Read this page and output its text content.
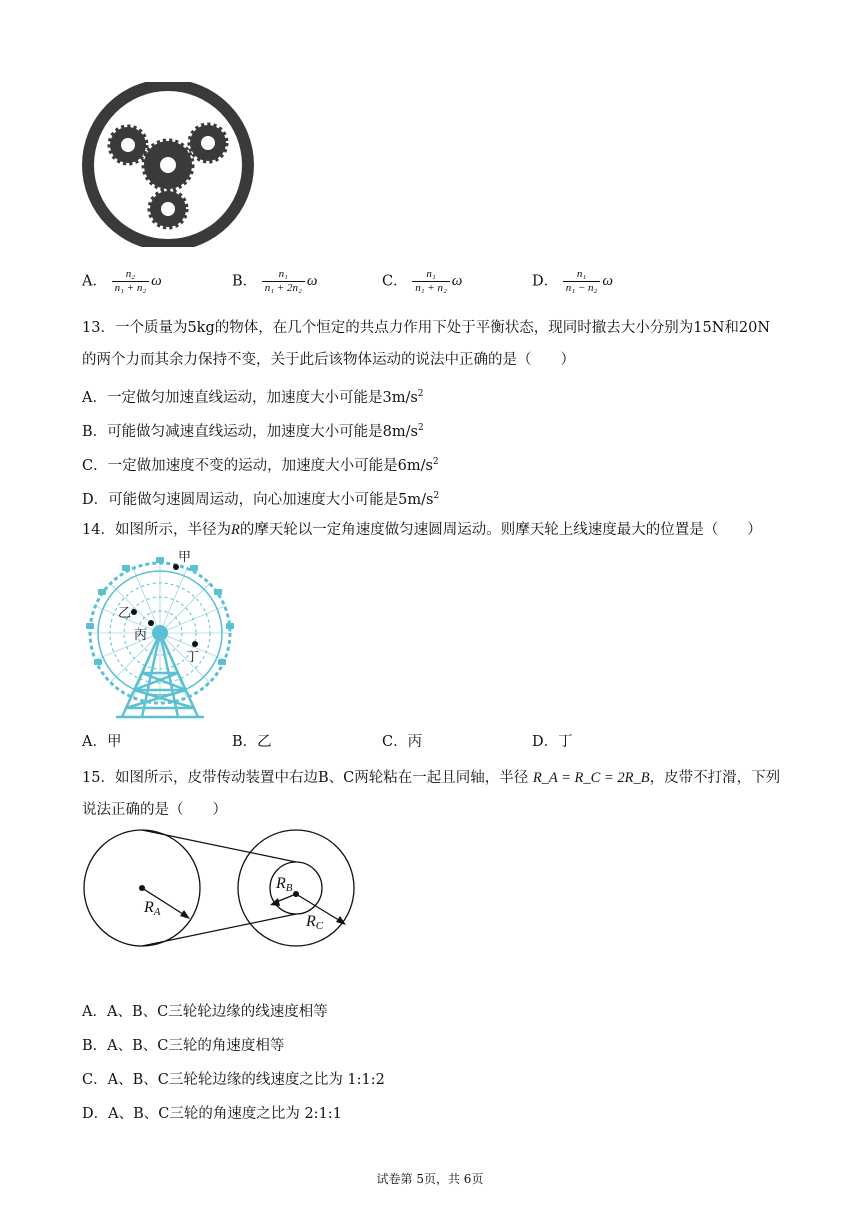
A． $\frac{\text{n₂}}{\text{n₁ + n₂}}$ ω	B． $\frac{\text{n₁}}{\text{n₁ + 2n₂}}$ ω	C． $\frac{\text{n₁}}{\text{n₁ + n₂}}$ ω	D． $\frac{\text{n₁}}{\text{n₁ − n₂}}$ ω
13．一个质量为5kg的物体，在几个恒定的共点力作用下处于平衡状态，现同时撤去大小分别为15N和20N
的两个力而其余力保持不变，关于此后该物体运动的说法中正确的是（　　）
A．一定做匀加速直线运动，加速度大小可能是$3m/s^2$
B．可能做匀减速直线运动，加速度大小可能是$8m/s^2$
C．一定做加速度不变的运动，加速度大小可能是$6m/s^2$
D．可能做匀速圆周运动，向心加速度大小可能是$5m/s^2$
14．如图所示，半径为R的摩天轮以一定角速度做匀速圆周运动。则摩天轮上线速度最大的位置是（　　）
甲
乙
丙
丁
A．甲	B．乙	C．丙	D．丁
15．如图所示，皮带传动装置中右边B、C两轮粘在一起且同轴，半径 R_A = R_C = 2R_B，皮带不打滑，下列
说法正确的是（　　）
RA
RB
RC
A．A、B、C三轮轮边缘的线速度相等
B．A、B、C三轮的角速度相等
C．A、B、C三轮轮边缘的线速度之比为 1:1:2
D．A、B、C三轮的角速度之比为 2:1:1
试卷第 5页，共 6页
